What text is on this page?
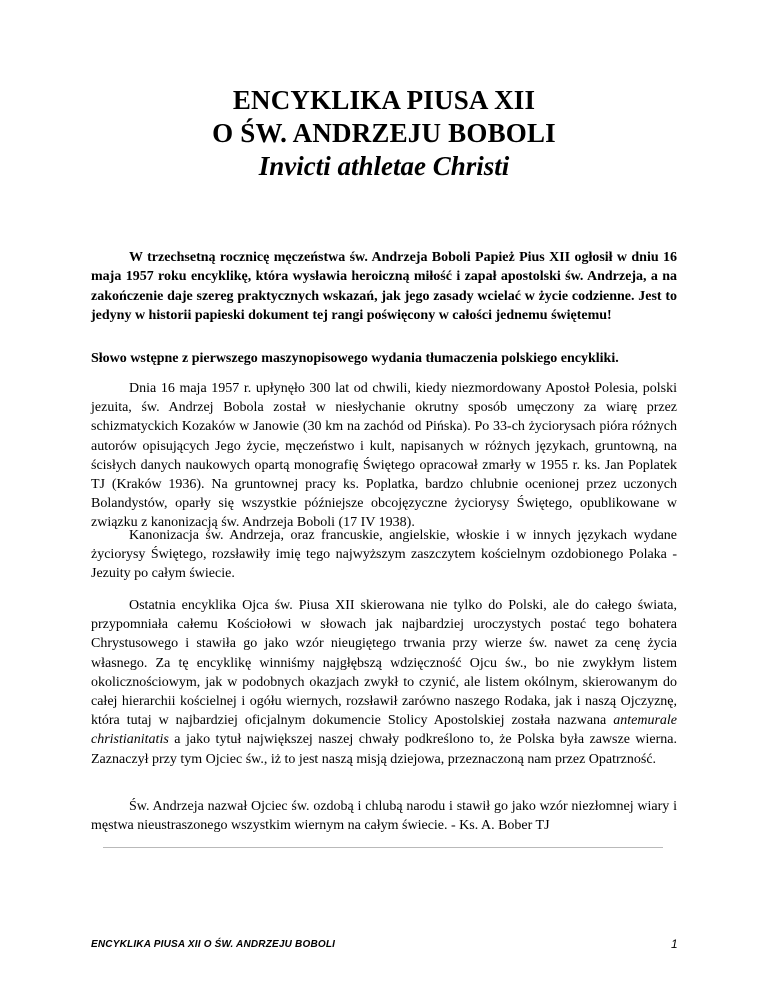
ENCYKLIKA PIUSA XII
O ŚW. ANDRZEJU BOBOLI
Invicti athletae Christi

W trzechsetną rocznicę męczeństwa św. Andrzeja Boboli Papież Pius XII ogłosił w dniu 16 maja 1957 roku encyklikę, która wysławia heroiczną miłość i zapał apostolski św. Andrzeja, a na zakończenie daje szereg praktycznych wskazań, jak jego zasady wcielać w życie codzienne. Jest to jedyny w historii papieski dokument tej rangi poświęcony w całości jednemu świętemu!

Słowo wstępne z pierwszego maszynopisowego wydania tłumaczenia polskiego encykliki.

Dnia 16 maja 1957 r. upłynęło 300 lat od chwili, kiedy niezmordowany Apostoł Polesia, polski jezuita, św. Andrzej Bobola został w niesłychanie okrutny sposób umęczony za wiarę przez schizmatyckich Kozaków w Janowie (30 km na zachód od Pińska). Po 33-ch życiorysach pióra różnych autorów opisujących Jego życie, męczeństwo i kult, napisanych w różnych językach, gruntowną, na ścisłych danych naukowych opartą monografię Świętego opracował zmarły w 1955 r. ks. Jan Poplatek TJ (Kraków 1936). Na gruntownej pracy ks. Poplatka, bardzo chlubnie ocenionej przez uczonych Bolandystów, oparły się wszystkie późniejsze obcojęzyczne życiorysy Świętego, opublikowane w związku z kanonizacją św. Andrzeja Boboli (17 IV 1938).

Kanonizacja św. Andrzeja, oraz francuskie, angielskie, włoskie i w innych językach wydane życiorysy Świętego, rozsławiły imię tego najwyższym zaszczytem kościelnym ozdobionego Polaka - Jezuity po całym świecie.

Ostatnia encyklika Ojca św. Piusa XII skierowana nie tylko do Polski, ale do całego świata, przypomniała całemu Kościołowi w słowach jak najbardziej uroczystych postać tego bohatera Chrystusowego i stawiła go jako wzór nieugiętego trwania przy wierze św. nawet za cenę życia własnego. Za tę encyklikę winniśmy najgłębszą wdzięczność Ojcu św., bo nie zwykłym listem okolicznościowym, jak w podobnych okazjach zwykł to czynić, ale listem okólnym, skierowanym do całej hierarchii kościelnej i ogółu wiernych, rozsławił zarówno naszego Rodaka, jak i naszą Ojczyznę, która tutaj w najbardziej oficjalnym dokumencie Stolicy Apostolskiej została nazwana antemurale christianitatis a jako tytuł największej naszej chwały podkreślono to, że Polska była zawsze wierna. Zaznaczył przy tym Ojciec św., iż to jest naszą misją dziejowa, przeznaczoną nam przez Opatrzność.

Św. Andrzeja nazwał Ojciec św. ozdobą i chlubą narodu i stawił go jako wzór niezłomnej wiary i męstwa nieustraszonego wszystkim wiernym na całym świecie. - Ks. A. Bober TJ

ENCYKLIKA PIUSA XII O ŚW. ANDRZEJU BOBOLI	1
